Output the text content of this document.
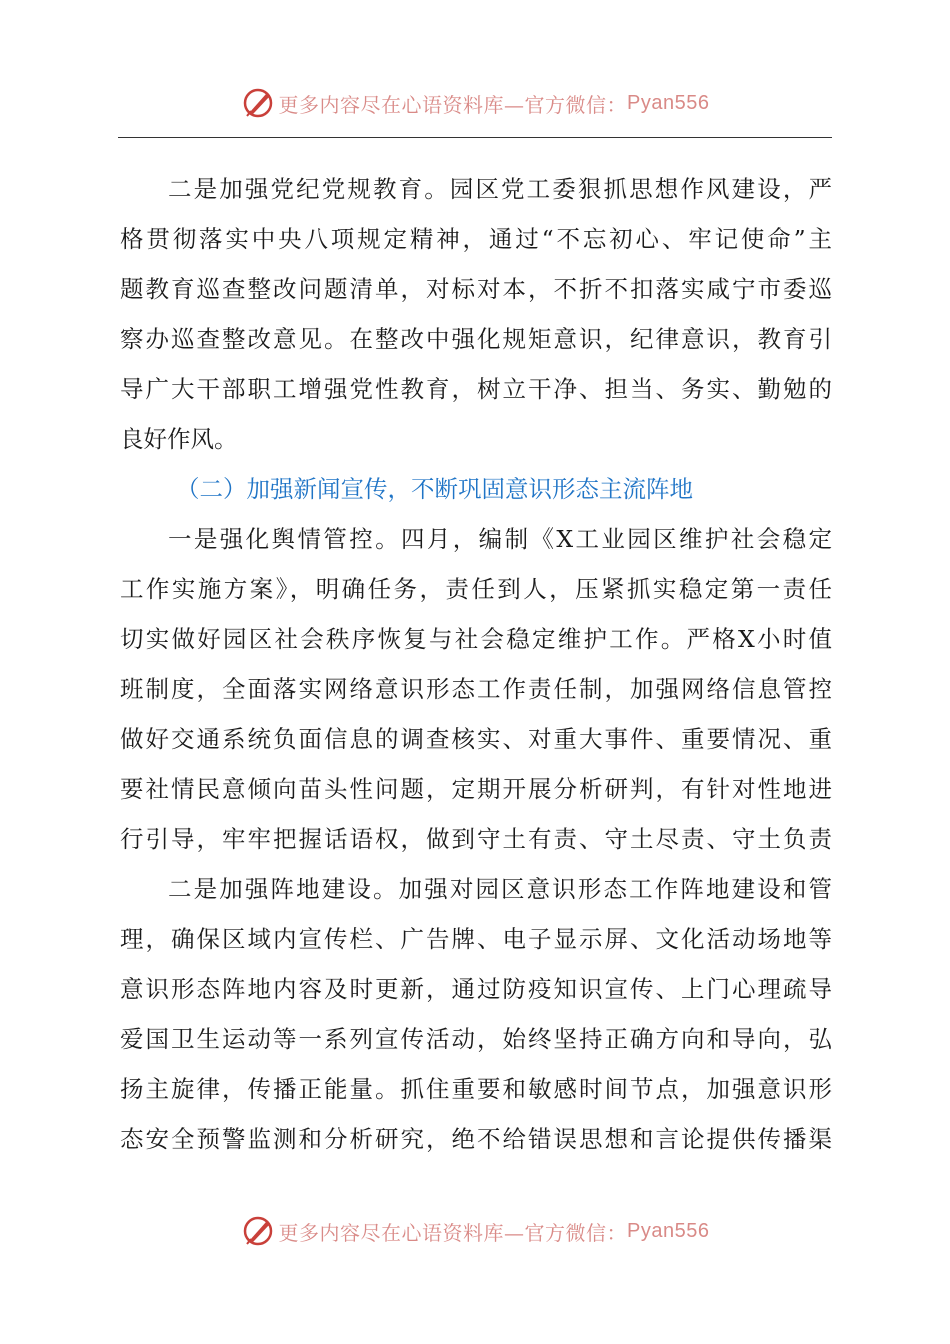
更多内容尽在心语资料库—官方微信： Pyan556
二是加强党纪党规教育。园区党工委狠抓思想作风建设，严
格贯彻落实中央八项规定精神，通过“不忘初心、牢记使命”主
题教育巡查整改问题清单，对标对本，不折不扣落实咸宁市委巡
察办巡查整改意见。在整改中强化规矩意识，纪律意识，教育引
导广大干部职工增强党性教育，树立干净、担当、务实、勤勉的
良好作风。
（二）加强新闻宣传，不断巩固意识形态主流阵地
一是强化舆情管控。四月，编制《X工业园区维护社会稳定
工作实施方案》，明确任务，责任到人，压紧抓实稳定第一责任
切实做好园区社会秩序恢复与社会稳定维护工作。严格X小时值
班制度，全面落实网络意识形态工作责任制，加强网络信息管控
做好交通系统负面信息的调查核实、对重大事件、重要情况、重
要社情民意倾向苗头性问题，定期开展分析研判，有针对性地进
行引导，牢牢把握话语权，做到守土有责、守土尽责、守土负责
二是加强阵地建设。加强对园区意识形态工作阵地建设和管
理，确保区域内宣传栏、广告牌、电子显示屏、文化活动场地等
意识形态阵地内容及时更新，通过防疫知识宣传、上门心理疏导
爱国卫生运动等一系列宣传活动，始终坚持正确方向和导向，弘
扬主旋律，传播正能量。抓住重要和敏感时间节点，加强意识形
态安全预警监测和分析研究，绝不给错误思想和言论提供传播渠
更多内容尽在心语资料库—官方微信： Pyan556
